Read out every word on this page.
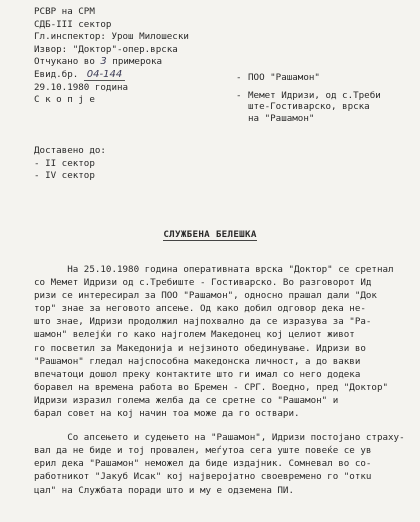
РСВР на СРМ
СДБ-III сектор
Гл.инспектор: Урош Милошески
Извор: "Доктор"-опер.врска
Отчукано во 3 примерока
Евид.бр. 04-144
29.10.1980 година
С к о п ј е
- ПОО "Рашамон"
- Мемет Идризи, од с.Треби
ште-Гостиварско, врска
на "Рашамон"
Доставено до:
- II сектор
- IV сектор
СЛУЖБЕНА БЕЛЕШКА
На 25.10.1980 година оперативната врска "Доктор" се сретнал
со Мемет Идризи од с.Требиште - Гостиварско. Во разговорот Ид
ризи се интересирал за ПОО "Рашамон", односно прашал дали "Док
тор" знае за неговото апсење. Од како добил одговор дека не-
што знае, Идризи продолжил најпохвално да се изразува за "Ра-
шамон" велејќи го како најголем Македонец кој целиот живот
го посветил за Македонија и нејзиното обединување. Идризи во
"Рашамон" гледал најспособна македонска личност, а до вакви
впечатоци дошол преку контактите што ги имал со него додека
боравел на времена работа во Бремен - СРГ. Воедно, пред "Доктор"
Идризи изразил голема желба да се сретне со "Рашамон" и
барал совет на кој начин тоа може да го оствари.
Со апсењето и судењето на "Рашамон", Идризи постојано страху-
вал да не биде и тој провален, меѓутоа сега уште повеќе се ув
ерил дека "Рашамон" неможел да биде издајник. Сомневал во со-
работникот "Јакуб Исак" кој најверојатно своевремено го "откu
цал" на Службата поради што и му е одземена ПИ.
